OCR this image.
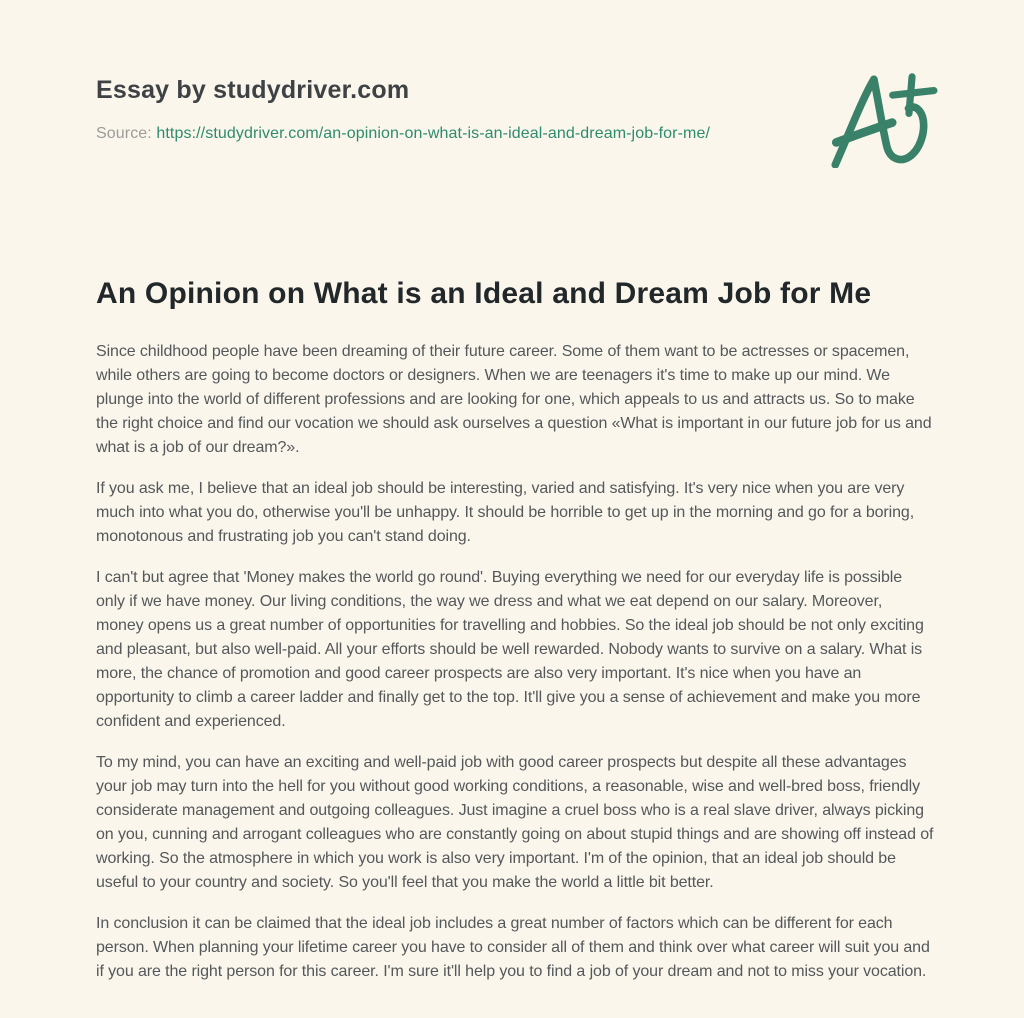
Essay by studydriver.com
Source: https://studydriver.com/an-opinion-on-what-is-an-ideal-and-dream-job-for-me/
An Opinion on What is an Ideal and Dream Job for Me

Since childhood people have been dreaming of their future career. Some of them want to be actresses or spacemen, while others are going to become doctors or designers. When we are teenagers it's time to make up our mind. We plunge into the world of different professions and are looking for one, which appeals to us and attracts us. So to make the right choice and find our vocation we should ask ourselves a question «What is important in our future job for us and what is a job of our dream?».

If you ask me, I believe that an ideal job should be interesting, varied and satisfying. It's very nice when you are very much into what you do, otherwise you'll be unhappy. It should be horrible to get up in the morning and go for a boring, monotonous and frustrating job you can't stand doing.

I can't but agree that 'Money makes the world go round'. Buying everything we need for our everyday life is possible only if we have money. Our living conditions, the way we dress and what we eat depend on our salary. Moreover, money opens us a great number of opportunities for travelling and hobbies. So the ideal job should be not only exciting and pleasant, but also well-paid. All your efforts should be well rewarded. Nobody wants to survive on a salary. What is more, the chance of promotion and good career prospects are also very important. It's nice when you have an opportunity to climb a career ladder and finally get to the top. It'll give you a sense of achievement and make you more confident and experienced.

To my mind, you can have an exciting and well-paid job with good career prospects but despite all these advantages your job may turn into the hell for you without good working conditions, a reasonable, wise and well-bred boss, friendly considerate management and outgoing colleagues. Just imagine a cruel boss who is a real slave driver, always picking on you, cunning and arrogant colleagues who are constantly going on about stupid things and are showing off instead of working. So the atmosphere in which you work is also very important. I'm of the opinion, that an ideal job should be useful to your country and society. So you'll feel that you make the world a little bit better.

In conclusion it can be claimed that the ideal job includes a great number of factors which can be different for each person. When planning your lifetime career you have to consider all of them and think over what career will suit you and if you are the right person for this career. I'm sure it'll help you to find a job of your dream and not to miss your vocation.
